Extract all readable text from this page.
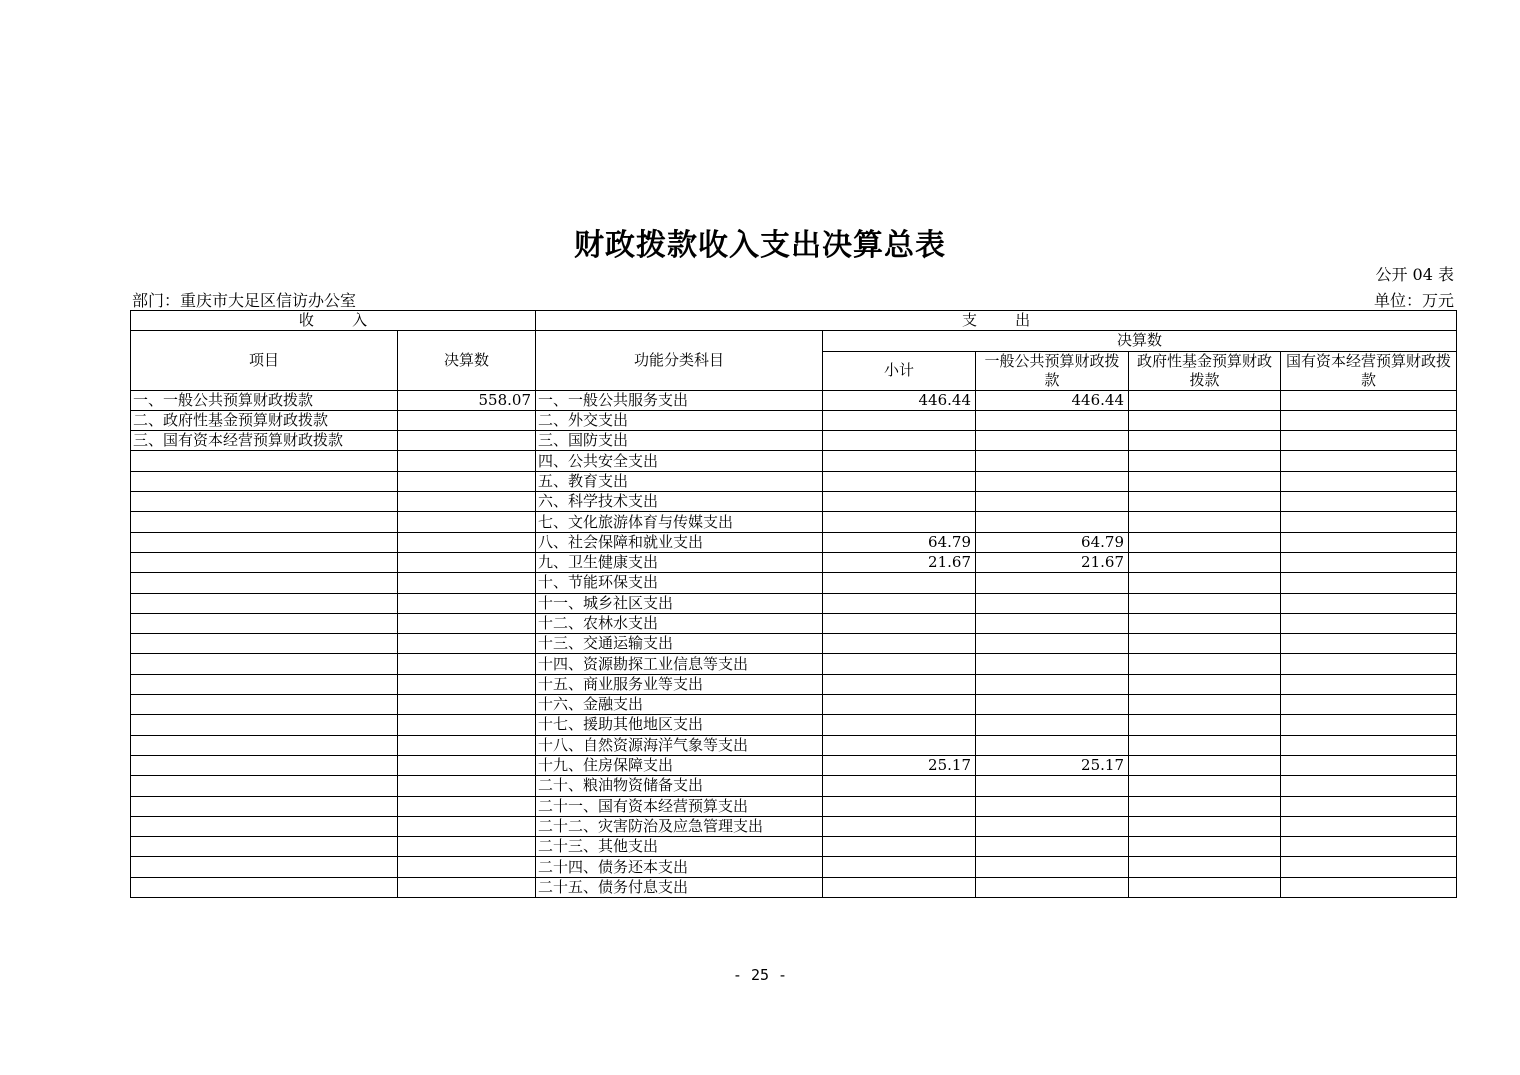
财政拨款收入支出决算总表
公开 04 表
部门：重庆市大足区信访办公室	单位：万元
收        入		支        出				
项目	决算数	功能分类科目	决算数			
			小计	一般公共预算财政拨款	政府性基金预算财政拨款	国有资本经营预算财政拨款

一、一般公共预算财政拨款	558.07	一、一般公共服务支出	446.44	446.44		
二、政府性基金预算财政拨款		二、外交支出				
三、国有资本经营预算财政拨款		三、国防支出				
		四、公共安全支出				
		五、教育支出				
		六、科学技术支出				
		七、文化旅游体育与传媒支出				
		八、社会保障和就业支出	64.79	64.79		
		九、卫生健康支出	21.67	21.67		
		十、节能环保支出				
		十一、城乡社区支出				
		十二、农林水支出				
		十三、交通运输支出				
		十四、资源勘探工业信息等支出				
		十五、商业服务业等支出				
		十六、金融支出				
		十七、援助其他地区支出				
		十八、自然资源海洋气象等支出				
		十九、住房保障支出	25.17	25.17		
		二十、粮油物资储备支出				
		二十一、国有资本经营预算支出				
		二十二、灾害防治及应急管理支出				
		二十三、其他支出				
		二十四、债务还本支出				
		二十五、债务付息支出				
- 25 -
